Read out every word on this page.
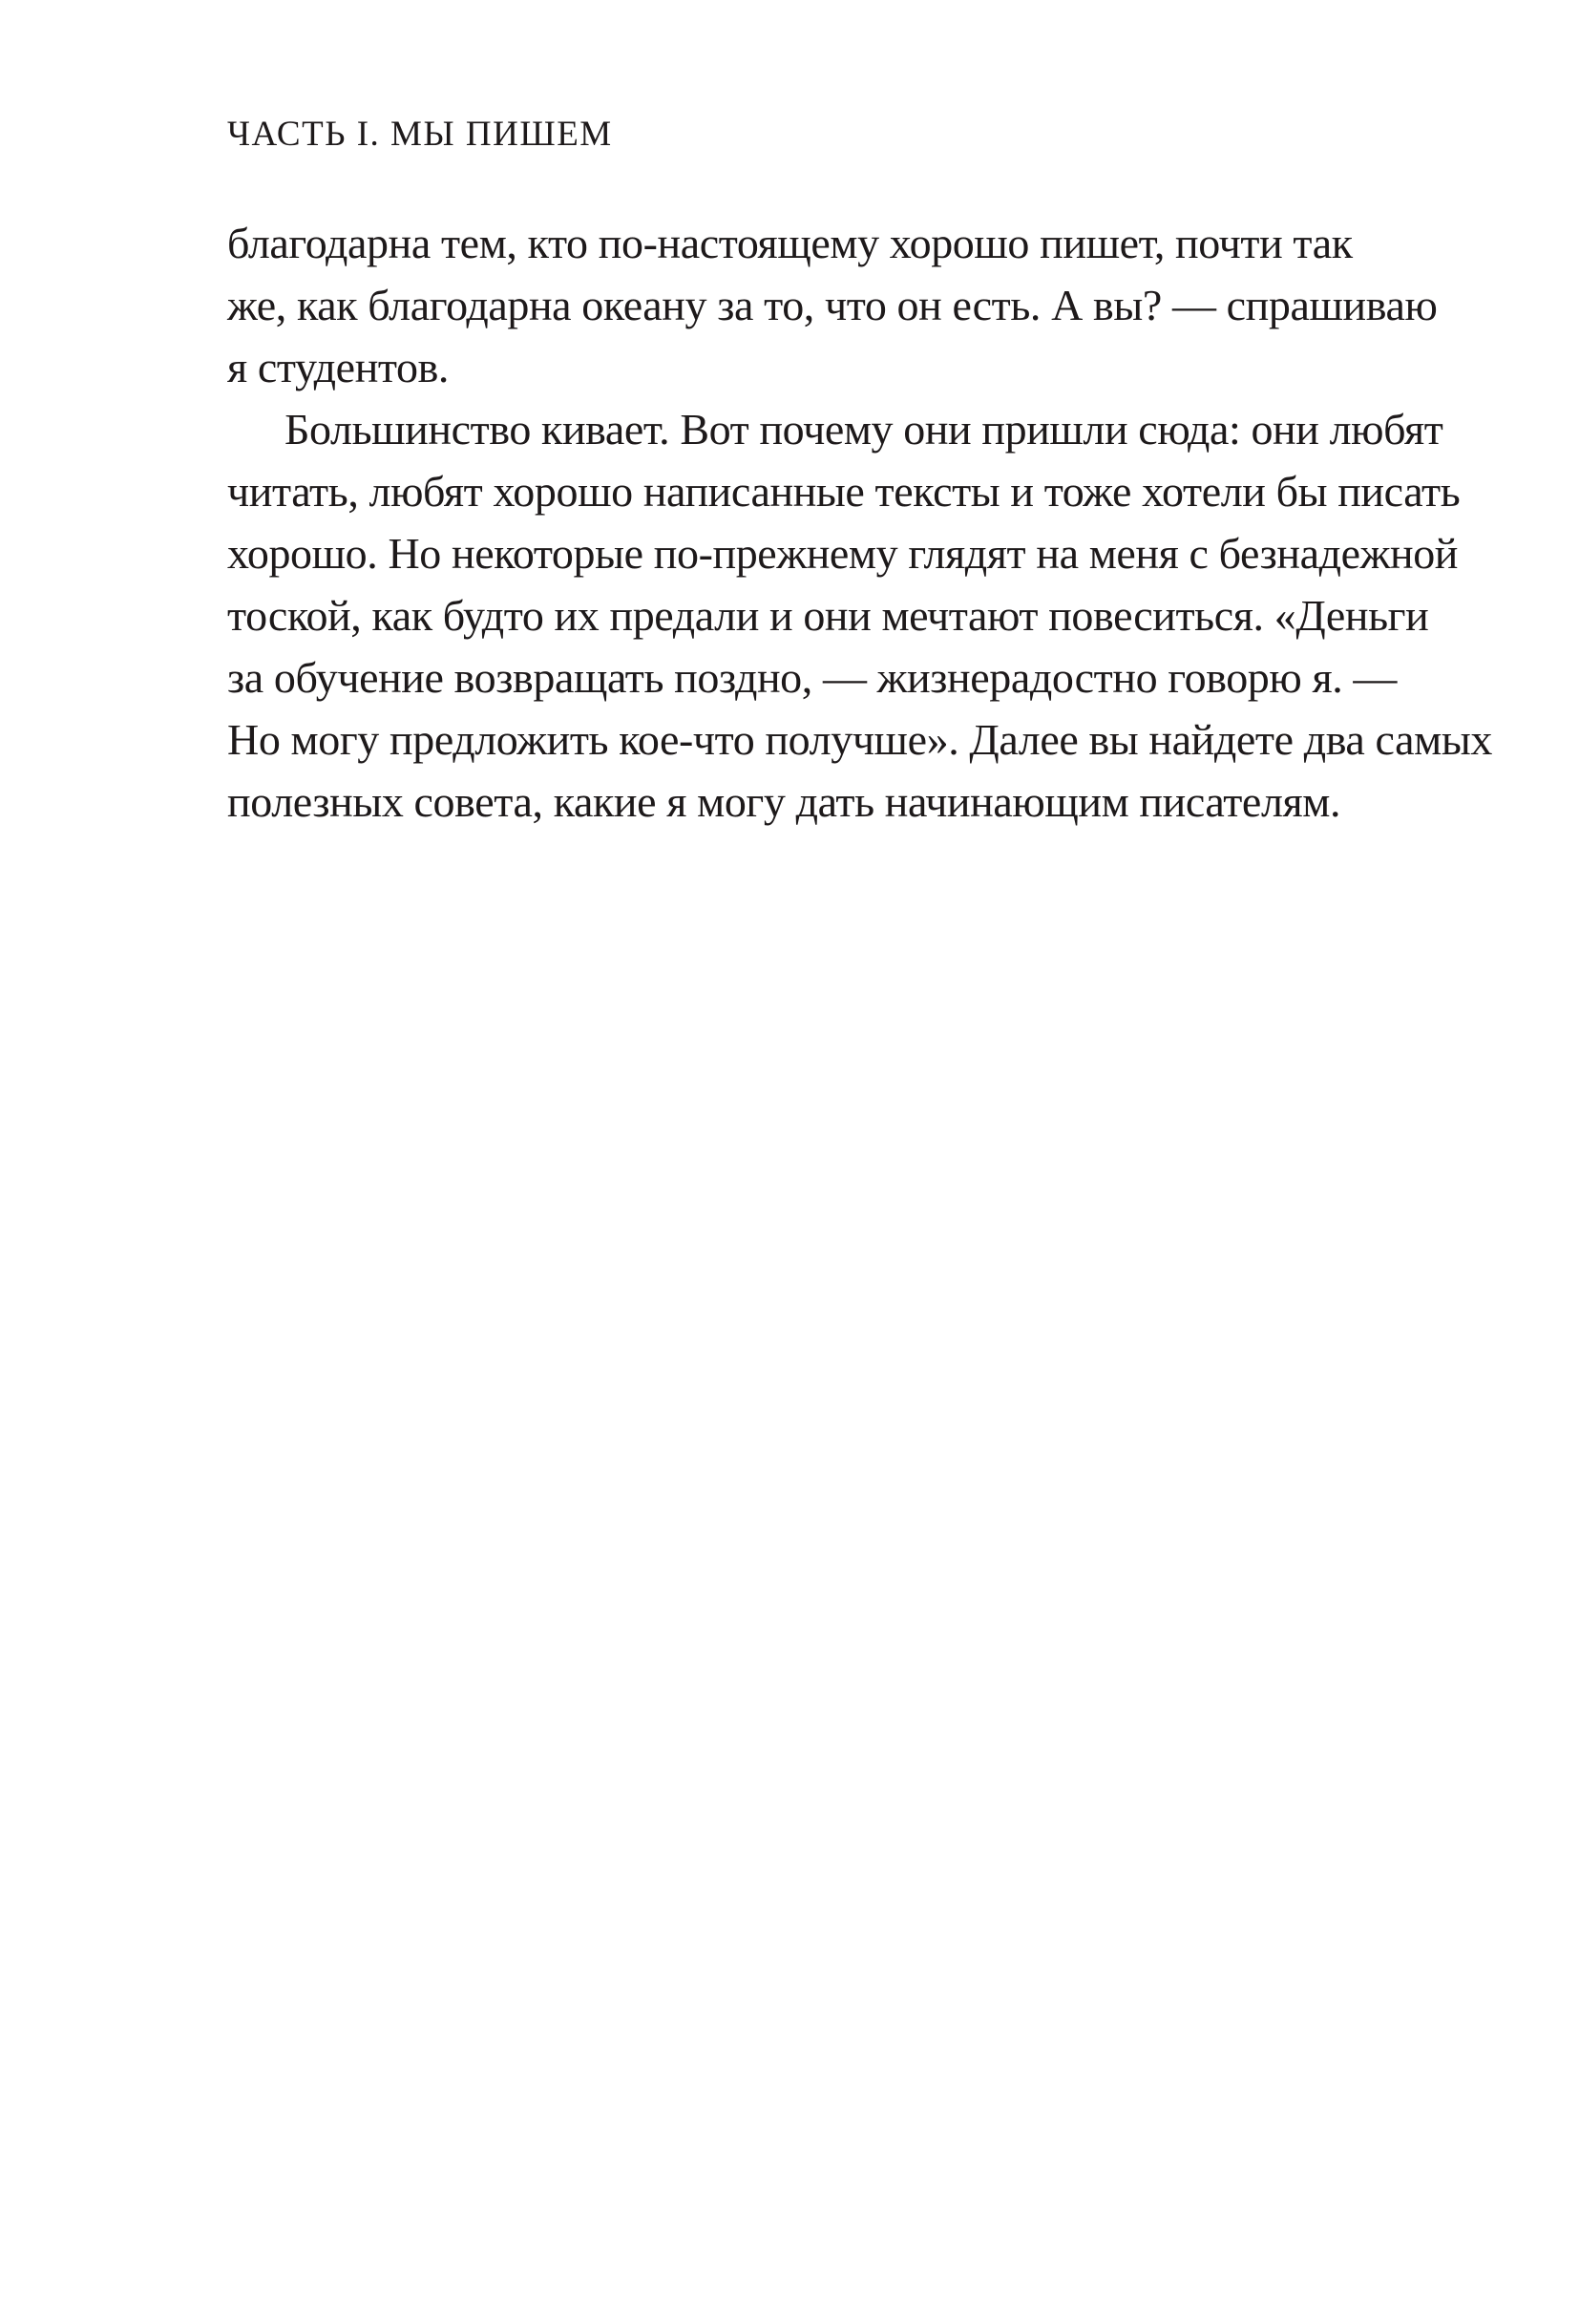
ЧАСТЬ I. МЫ ПИШЕМ
благодарна тем, кто по-настоящему хорошо пишет, почти так
же, как благодарна океану за то, что он есть. А вы? — спрашиваю
я студентов.
Большинство кивает. Вот почему они пришли сюда: они любят
читать, любят хорошо написанные тексты и тоже хотели бы писать
хорошо. Но некоторые по-прежнему глядят на меня с безнадежной
тоской, как будто их предали и они мечтают повеситься. «Деньги
за обучение возвращать поздно, — жизнерадостно говорю я. —
Но могу предложить кое-что получше». Далее вы найдете два самых
полезных совета, какие я могу дать начинающим писателям.
